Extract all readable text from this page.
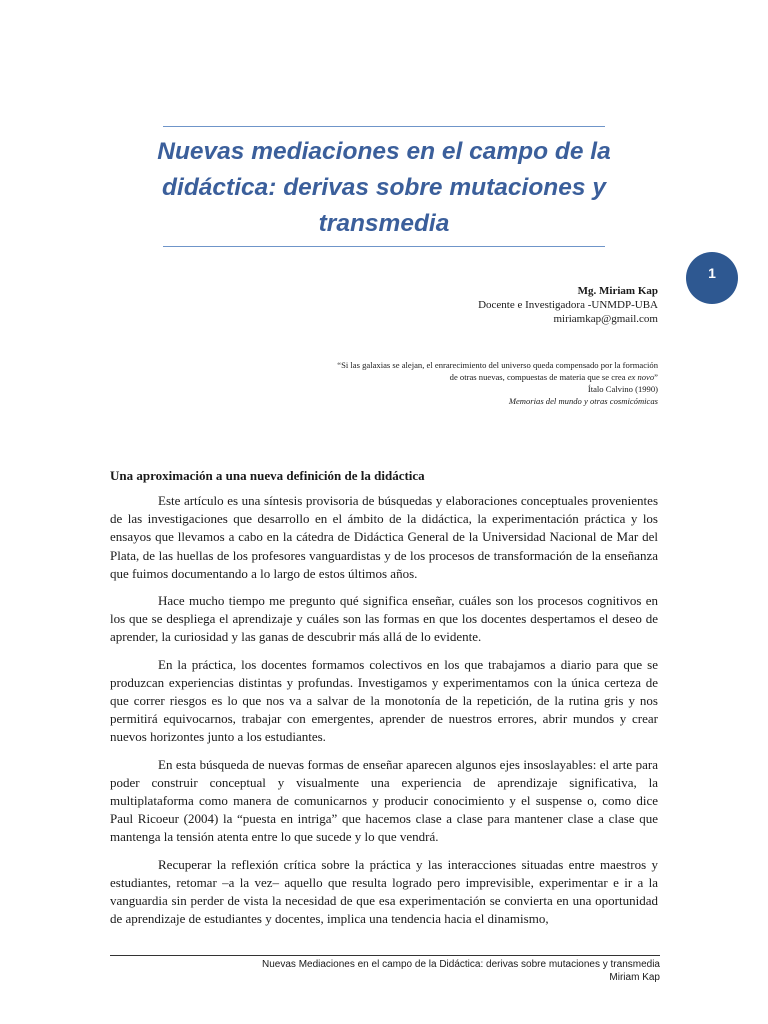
Nuevas mediaciones en el campo de la didáctica: derivas sobre mutaciones y transmedia
1
Mg. Miriam Kap
Docente e Investigadora -UNMDP-UBA
miriamkap@gmail.com
“Si las galaxias se alejan, el enrarecimiento del universo queda compensado por la formación de otras nuevas, compuestas de materia que se crea ex novo”
Ítalo Calvino (1990)
Memorias del mundo y otras cosmicómicas
Una aproximación a una nueva definición de la didáctica

Este artículo es una síntesis provisoria de búsquedas y elaboraciones conceptuales provenientes de las investigaciones que desarrollo en el ámbito de la didáctica, la experimentación práctica y los ensayos que llevamos a cabo en la cátedra de Didáctica General de la Universidad Nacional de Mar del Plata, de las huellas de los profesores vanguardistas y de los procesos de transformación de la enseñanza que fuimos documentando a lo largo de estos últimos años.

Hace mucho tiempo me pregunto qué significa enseñar, cuáles son los procesos cognitivos en los que se despliega el aprendizaje y cuáles son las formas en que los docentes despertamos el deseo de aprender, la curiosidad y las ganas de descubrir más allá de lo evidente.

En la práctica, los docentes formamos colectivos en los que trabajamos a diario para que se produzcan experiencias distintas y profundas. Investigamos y experimentamos con la única certeza de que correr riesgos es lo que nos va a salvar de la monotonía de la repetición, de la rutina gris y nos permitirá equivocarnos, trabajar con emergentes, aprender de nuestros errores, abrir mundos y crear nuevos horizontes junto a los estudiantes.

En esta búsqueda de nuevas formas de enseñar aparecen algunos ejes insoslayables: el arte para poder construir conceptual y visualmente una experiencia de aprendizaje significativa, la multiplataforma como manera de comunicarnos y producir conocimiento y el suspense o, como dice Paul Ricoeur (2004) la “puesta en intriga” que hacemos clase a clase para mantener clase a clase que mantenga la tensión atenta entre lo que sucede y lo que vendrá.

Recuperar la reflexión crítica sobre la práctica y las interacciones situadas entre maestros y estudiantes, retomar –a la vez– aquello que resulta logrado pero imprevisible, experimentar e ir a la vanguardia sin perder de vista la necesidad de que esa experimentación se convierta en una oportunidad de aprendizaje de estudiantes y docentes, implica una tendencia hacia el dinamismo,

Nuevas Mediaciones en el campo de la Didáctica: derivas sobre mutaciones y transmedia
Miriam Kap
